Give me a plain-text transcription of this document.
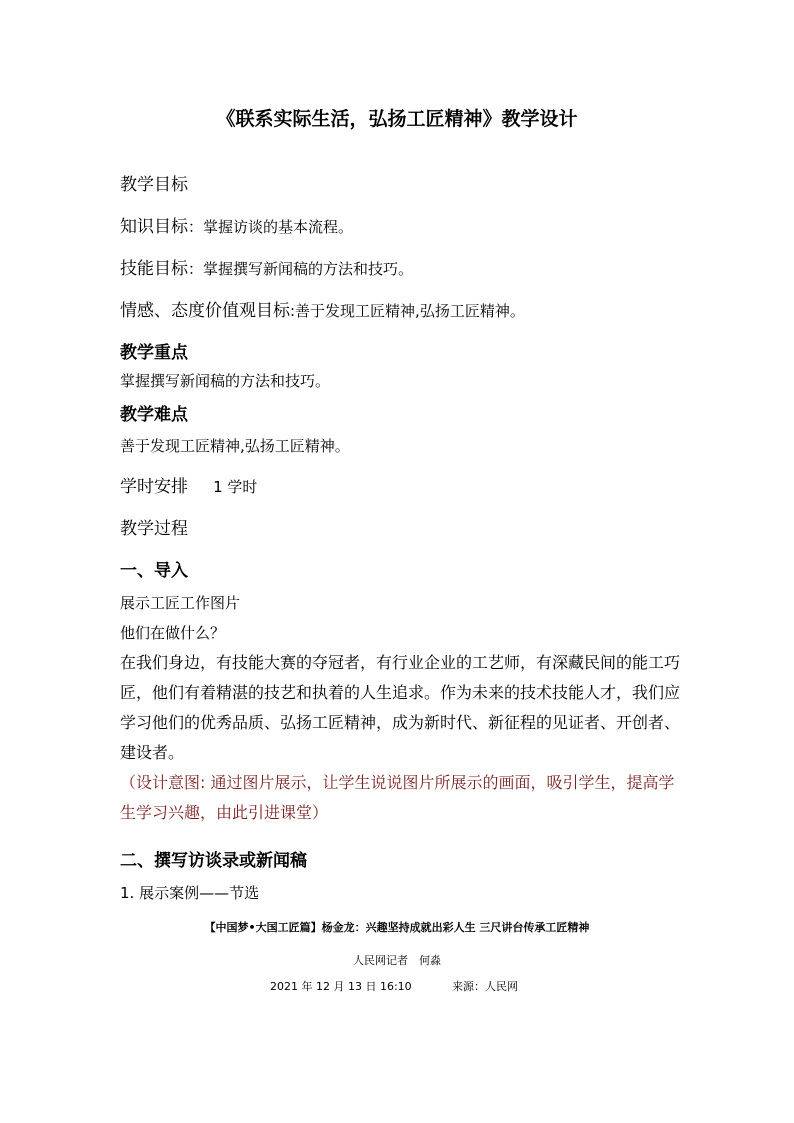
《联系实际生活，弘扬工匠精神》教学设计
教学目标
知识目标：掌握访谈的基本流程。
技能目标：掌握撰写新闻稿的方法和技巧。
情感、态度价值观目标:善于发现工匠精神,弘扬工匠精神。
教学重点
掌握撰写新闻稿的方法和技巧。
教学难点
善于发现工匠精神,弘扬工匠精神。
学时安排 1 学时
教学过程
一、导入
展示工匠工作图片
他们在做什么？
在我们身边，有技能大赛的夺冠者，有行业企业的工艺师，有深藏民间的能工巧
匠，他们有着精湛的技艺和执着的人生追求。作为未来的技术技能人才，我们应
学习他们的优秀品质、弘扬工匠精神，成为新时代、新征程的见证者、开创者、
建设者。
（设计意图: 通过图片展示，让学生说说图片所展示的画面，吸引学生，提高学
生学习兴趣，由此引进课堂）
二、撰写访谈录或新闻稿
1. 展示案例——节选
【中国梦•大国工匠篇】杨金龙：兴趣坚持成就出彩人生 三尺讲台传承工匠精神
人民网记者　何淼
2021 年 12 月 13 日 16:10	来源：人民网
